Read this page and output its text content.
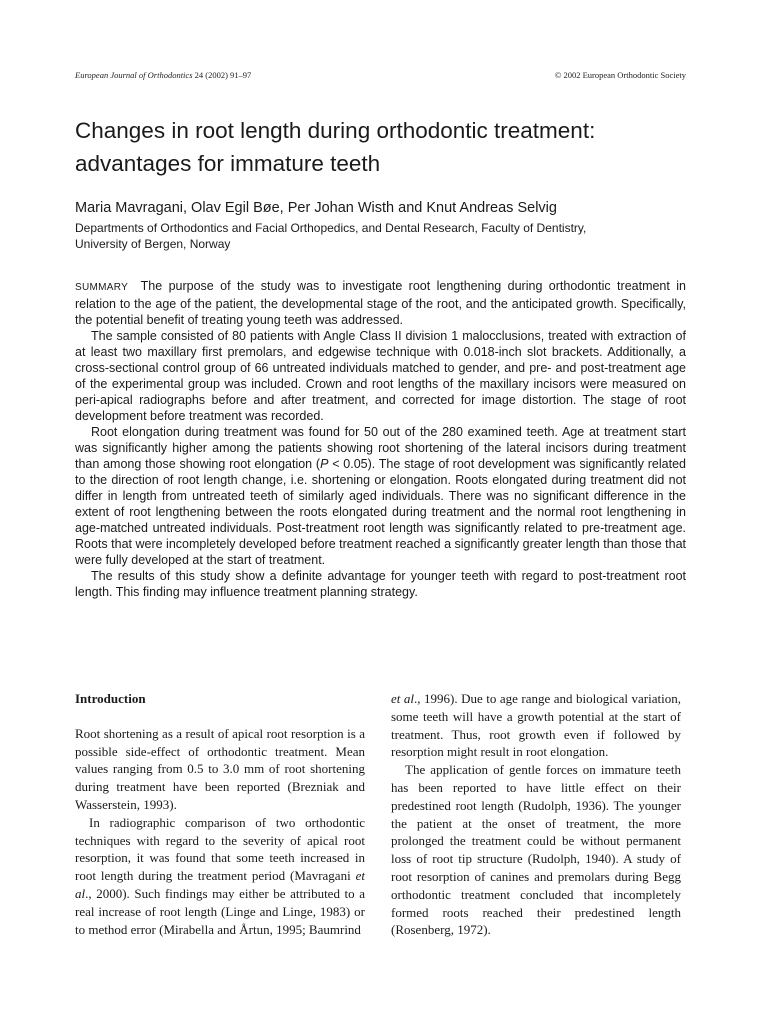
European Journal of Orthodontics 24 (2002) 91–97	© 2002 European Orthodontic Society
Changes in root length during orthodontic treatment:
advantages for immature teeth
Maria Mavragani, Olav Egil Bøe, Per Johan Wisth and Knut Andreas Selvig
Departments of Orthodontics and Facial Orthopedics, and Dental Research, Faculty of Dentistry,
University of Bergen, Norway

SUMMARY The purpose of the study was to investigate root lengthening during orthodontic treatment in relation to the age of the patient, the developmental stage of the root, and the anticipated growth. Specifically, the potential benefit of treating young teeth was addressed.

The sample consisted of 80 patients with Angle Class II division 1 malocclusions, treated with extraction of at least two maxillary first premolars, and edgewise technique with 0.018-inch slot brackets. Additionally, a cross-sectional control group of 66 untreated individuals matched to gender, and pre- and post-treatment age of the experimental group was included. Crown and root lengths of the maxillary incisors were measured on peri-apical radiographs before and after treatment, and corrected for image distortion. The stage of root development before treatment was recorded.

Root elongation during treatment was found for 50 out of the 280 examined teeth. Age at treatment start was significantly higher among the patients showing root shortening of the lateral incisors during treatment than among those showing root elongation (P < 0.05). The stage of root development was significantly related to the direction of root length change, i.e. shortening or elongation. Roots elongated during treatment did not differ in length from untreated teeth of similarly aged individuals. There was no significant difference in the extent of root lengthening between the roots elongated during treatment and the normal root lengthening in age-matched untreated individuals. Post-treatment root length was significantly related to pre-treatment age. Roots that were incompletely developed before treatment reached a significantly greater length than those that were fully developed at the start of treatment.

The results of this study show a definite advantage for younger teeth with regard to post-treatment root length. This finding may influence treatment planning strategy.

Introduction

Root shortening as a result of apical root resorption is a possible side-effect of orthodontic treatment. Mean values ranging from 0.5 to 3.0 mm of root shortening during treatment have been reported (Brezniak and Wasserstein, 1993).

In radiographic comparison of two orthodontic techniques with regard to the severity of apical root resorption, it was found that some teeth increased in root length during the treatment period (Mavragani et al., 2000). Such findings may either be attributed to a real increase of root length (Linge and Linge, 1983) or to method error (Mirabella and Årtun, 1995; Baumrind

et al., 1996). Due to age range and biological variation, some teeth will have a growth potential at the start of treatment. Thus, root growth even if followed by resorption might result in root elongation.

The application of gentle forces on immature teeth has been reported to have little effect on their predestined root length (Rudolph, 1936). The younger the patient at the onset of treatment, the more prolonged the treatment could be without permanent loss of root tip structure (Rudolph, 1940). A study of root resorption of canines and premolars during Begg orthodontic treatment concluded that incompletely formed roots reached their predestined length (Rosenberg, 1972).
